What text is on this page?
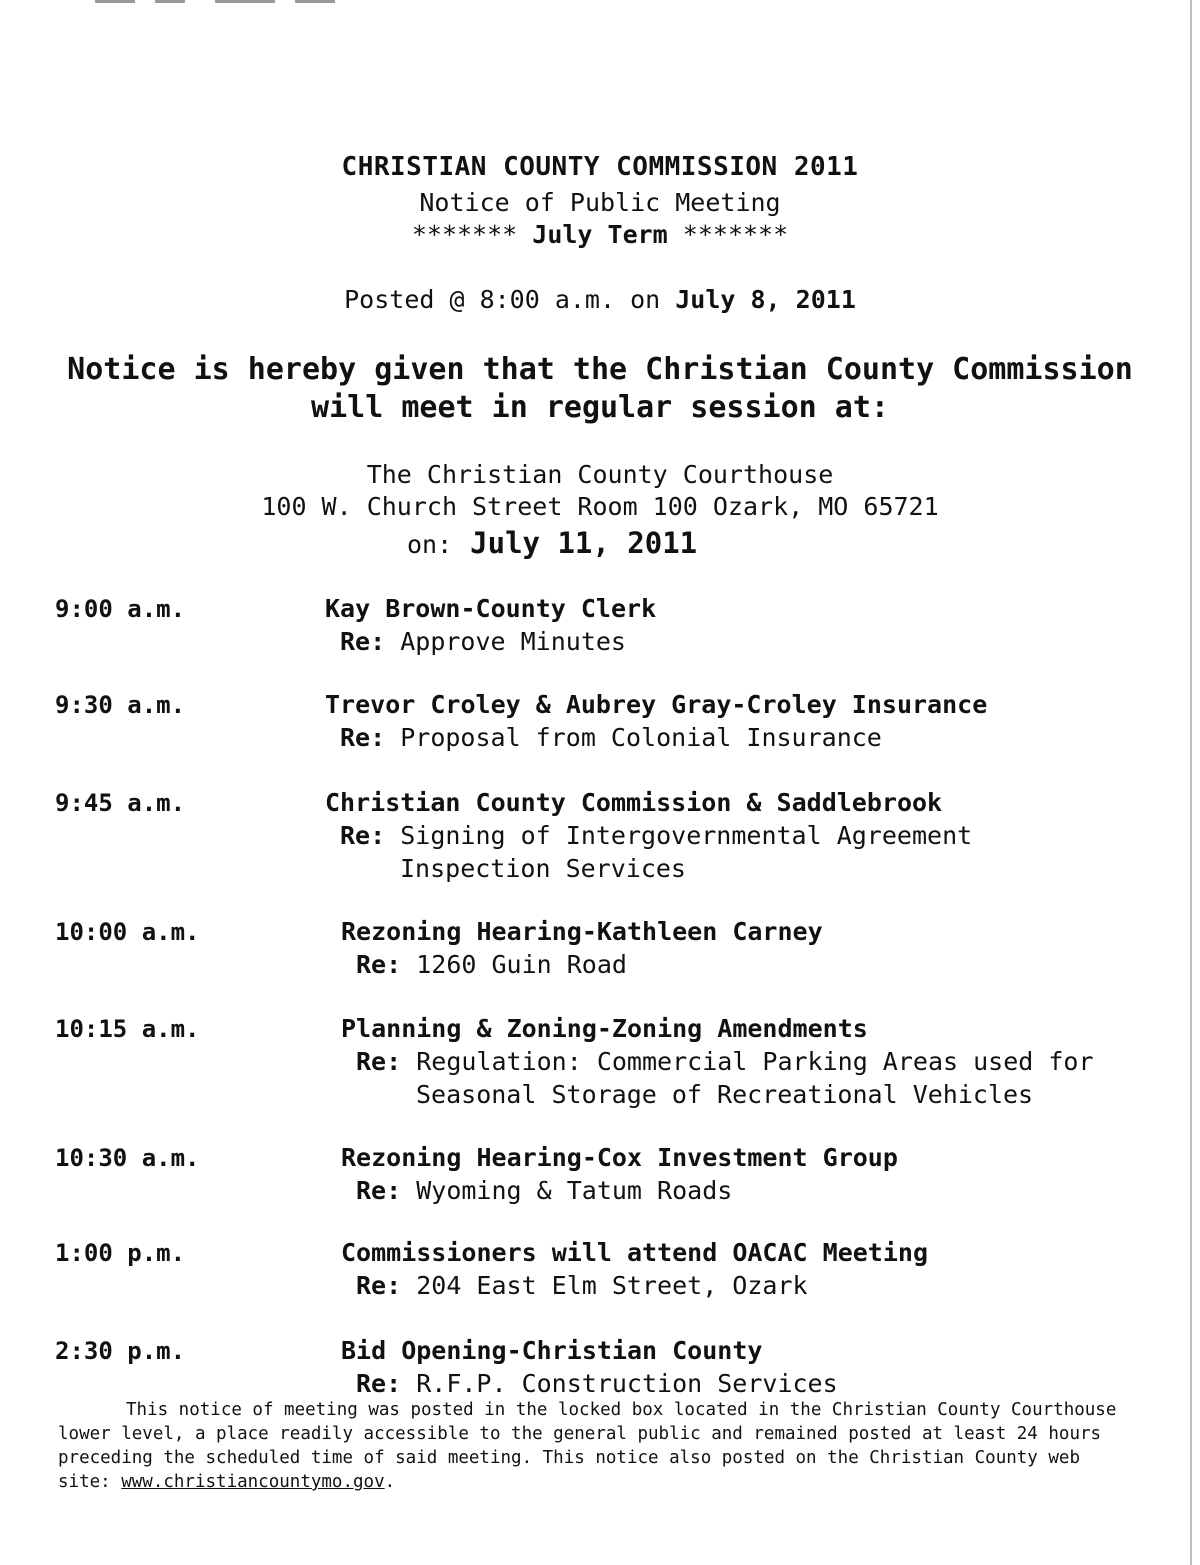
CHRISTIAN COUNTY COMMISSION 2011
Notice of Public Meeting
******* July Term *******
Posted @ 8:00 a.m. on July 8, 2011
Notice is hereby given that the Christian County Commission
will meet in regular session at:
The Christian County Courthouse
100 W. Church Street Room 100 Ozark, MO 65721
on: July 11, 2011
9:00 a.m.	Kay Brown-County Clerk
Re: Approve Minutes
9:30 a.m.	Trevor Croley & Aubrey Gray-Croley Insurance
Re: Proposal from Colonial Insurance
9:45 a.m.	Christian County Commission & Saddlebrook
Re: Signing of Intergovernmental Agreement
Inspection Services
10:00 a.m.	Rezoning Hearing-Kathleen Carney
Re: 1260 Guin Road
10:15 a.m.	Planning & Zoning-Zoning Amendments
Re: Regulation: Commercial Parking Areas used for
Seasonal Storage of Recreational Vehicles
10:30 a.m.	Rezoning Hearing-Cox Investment Group
Re: Wyoming & Tatum Roads
1:00 p.m.	Commissioners will attend OACAC Meeting
Re: 204 East Elm Street, Ozark
2:30 p.m.	Bid Opening-Christian County
Re: R.F.P. Construction Services
This notice of meeting was posted in the locked box located in the Christian County Courthouse
lower level, a place readily accessible to the general public and remained posted at least 24 hours
preceding the scheduled time of said meeting. This notice also posted on the Christian County web
site: www.christiancountymo.gov.
